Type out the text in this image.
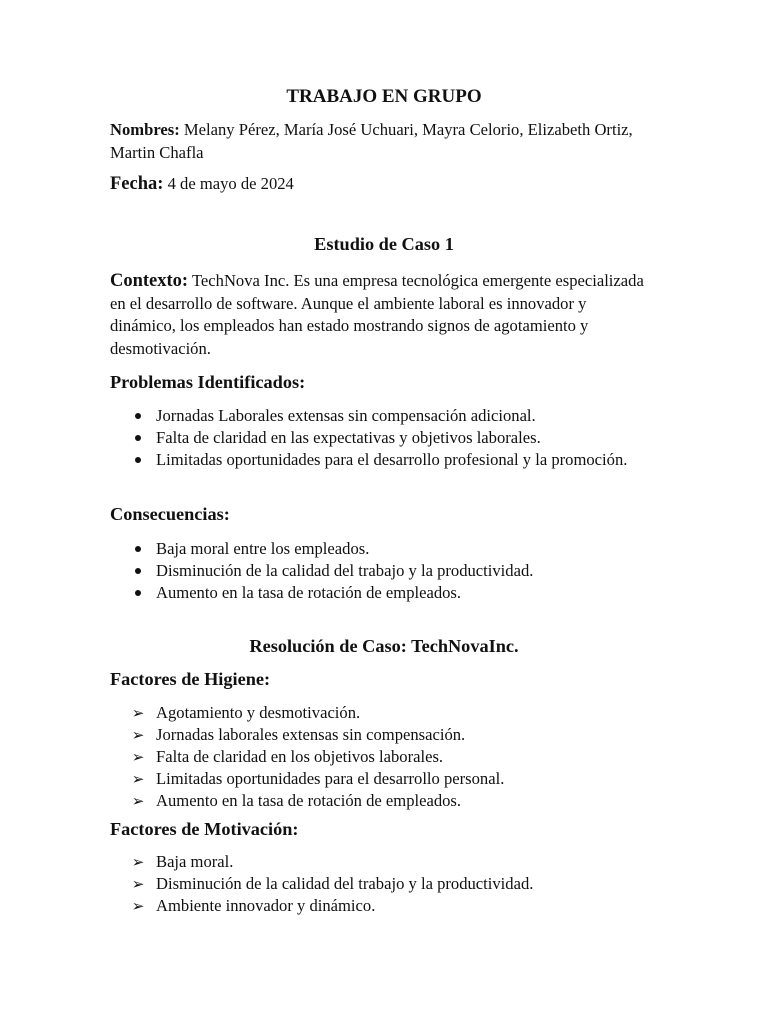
TRABAJO EN GRUPO

Nombres: Melany Pérez, María José Uchuari, Mayra Celorio, Elizabeth Ortiz, Martin Chafla

Fecha: 4 de mayo de 2024

Estudio de Caso 1

Contexto: TechNova Inc. Es una empresa tecnológica emergente especializada en el desarrollo de software. Aunque el ambiente laboral es innovador y dinámico, los empleados han estado mostrando signos de agotamiento y desmotivación.

Problemas Identificados:
Jornadas Laborales extensas sin compensación adicional.
Falta de claridad en las expectativas y objetivos laborales.
Limitadas oportunidades para el desarrollo profesional y la promoción.
Consecuencias:
Baja moral entre los empleados.
Disminución de la calidad del trabajo y la productividad.
Aumento en la tasa de rotación de empleados.
Resolución de Caso: TechNovaInc.
Factores de Higiene:
➢ Agotamiento y desmotivación.
➢ Jornadas laborales extensas sin compensación.
➢ Falta de claridad en los objetivos laborales.
➢ Limitadas oportunidades para el desarrollo personal.
➢ Aumento en la tasa de rotación de empleados.
Factores de Motivación:
➢ Baja moral.
➢ Disminución de la calidad del trabajo y la productividad.
➢ Ambiente innovador y dinámico.
